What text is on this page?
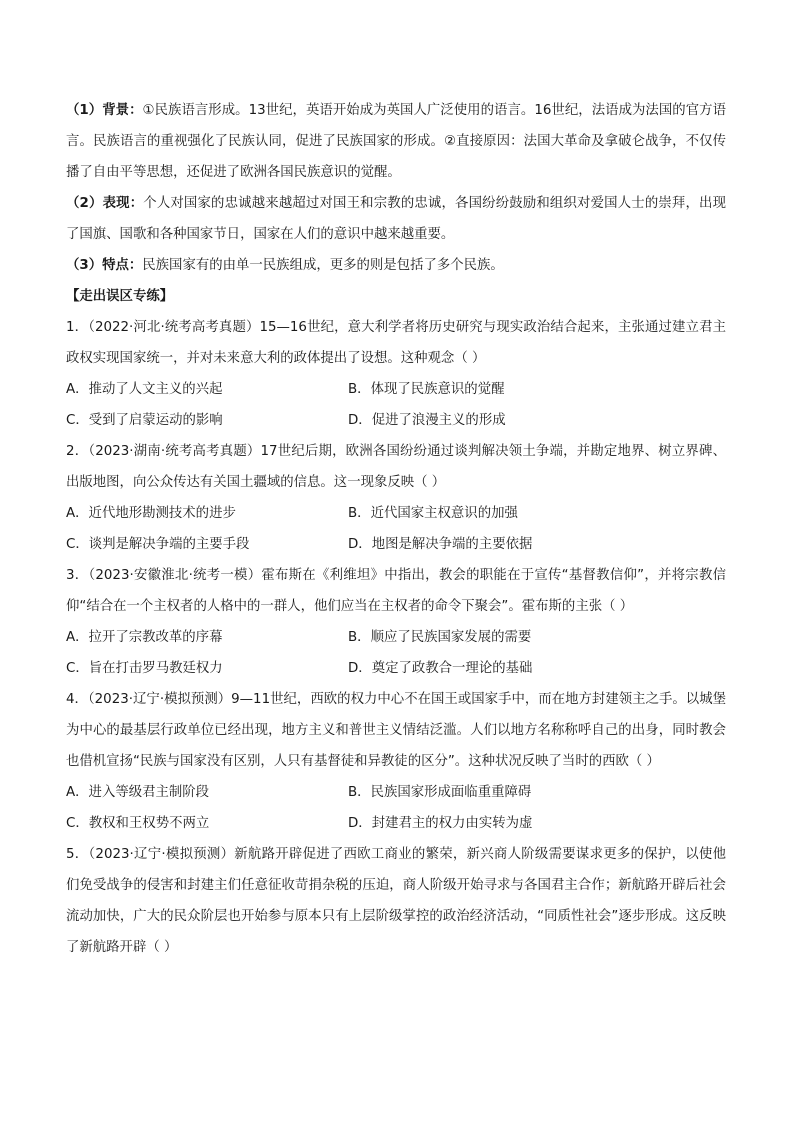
（1）背景：①民族语言形成。13世纪，英语开始成为英国人广泛使用的语言。16世纪，法语成为法国的官方语言。民族语言的重视强化了民族认同，促进了民族国家的形成。②直接原因：法国大革命及拿破仑战争，不仅传播了自由平等思想，还促进了欧洲各国民族意识的觉醒。

（2）表现：个人对国家的忠诚越来越超过对国王和宗教的忠诚，各国纷纷鼓励和组织对爱国人士的崇拜，出现了国旗、国歌和各种国家节日，国家在人们的意识中越来越重要。

（3）特点：民族国家有的由单一民族组成，更多的则是包括了多个民族。

【走出误区专练】

1．（2022·河北·统考高考真题）15—16世纪，意大利学者将历史研究与现实政治结合起来，主张通过建立君主政权实现国家统一，并对未来意大利的政体提出了设想。这种观念（ ）

A．推动了人文主义的兴起	B．体现了民族意识的觉醒

C．受到了启蒙运动的影响	D．促进了浪漫主义的形成

2．（2023·湖南·统考高考真题）17世纪后期，欧洲各国纷纷通过谈判解决领土争端，并勘定地界、树立界碑、出版地图，向公众传达有关国土疆域的信息。这一现象反映（ ）

A．近代地形勘测技术的进步	B．近代国家主权意识的加强

C．谈判是解决争端的主要手段	D．地图是解决争端的主要依据

3．（2023·安徽淮北·统考一模）霍布斯在《利维坦》中指出，教会的职能在于宣传“基督教信仰”，并将宗教信仰“结合在一个主权者的人格中的一群人，他们应当在主权者的命令下聚会”。霍布斯的主张（ ）

A．拉开了宗教改革的序幕	B．顺应了民族国家发展的需要

C．旨在打击罗马教廷权力	D．奠定了政教合一理论的基础

4．（2023·辽宁·模拟预测）9—11世纪，西欧的权力中心不在国王或国家手中，而在地方封建领主之手。以城堡为中心的最基层行政单位已经出现，地方主义和普世主义情结泛滥。人们以地方名称称呼自己的出身，同时教会也借机宣扬“民族与国家没有区别，人只有基督徒和异教徒的区分”。这种状况反映了当时的西欧（ ）

A．进入等级君主制阶段	B．民族国家形成面临重重障碍

C．教权和王权势不两立	D．封建君主的权力由实转为虚

5．（2023·辽宁·模拟预测）新航路开辟促进了西欧工商业的繁荣，新兴商人阶级需要谋求更多的保护，以使他们免受战争的侵害和封建主们任意征收苛捐杂税的压迫，商人阶级开始寻求与各国君主合作；新航路开辟后社会流动加快，广大的民众阶层也开始参与原本只有上层阶级掌控的政治经济活动，“同质性社会”逐步形成。这反映了新航路开辟（ ）
